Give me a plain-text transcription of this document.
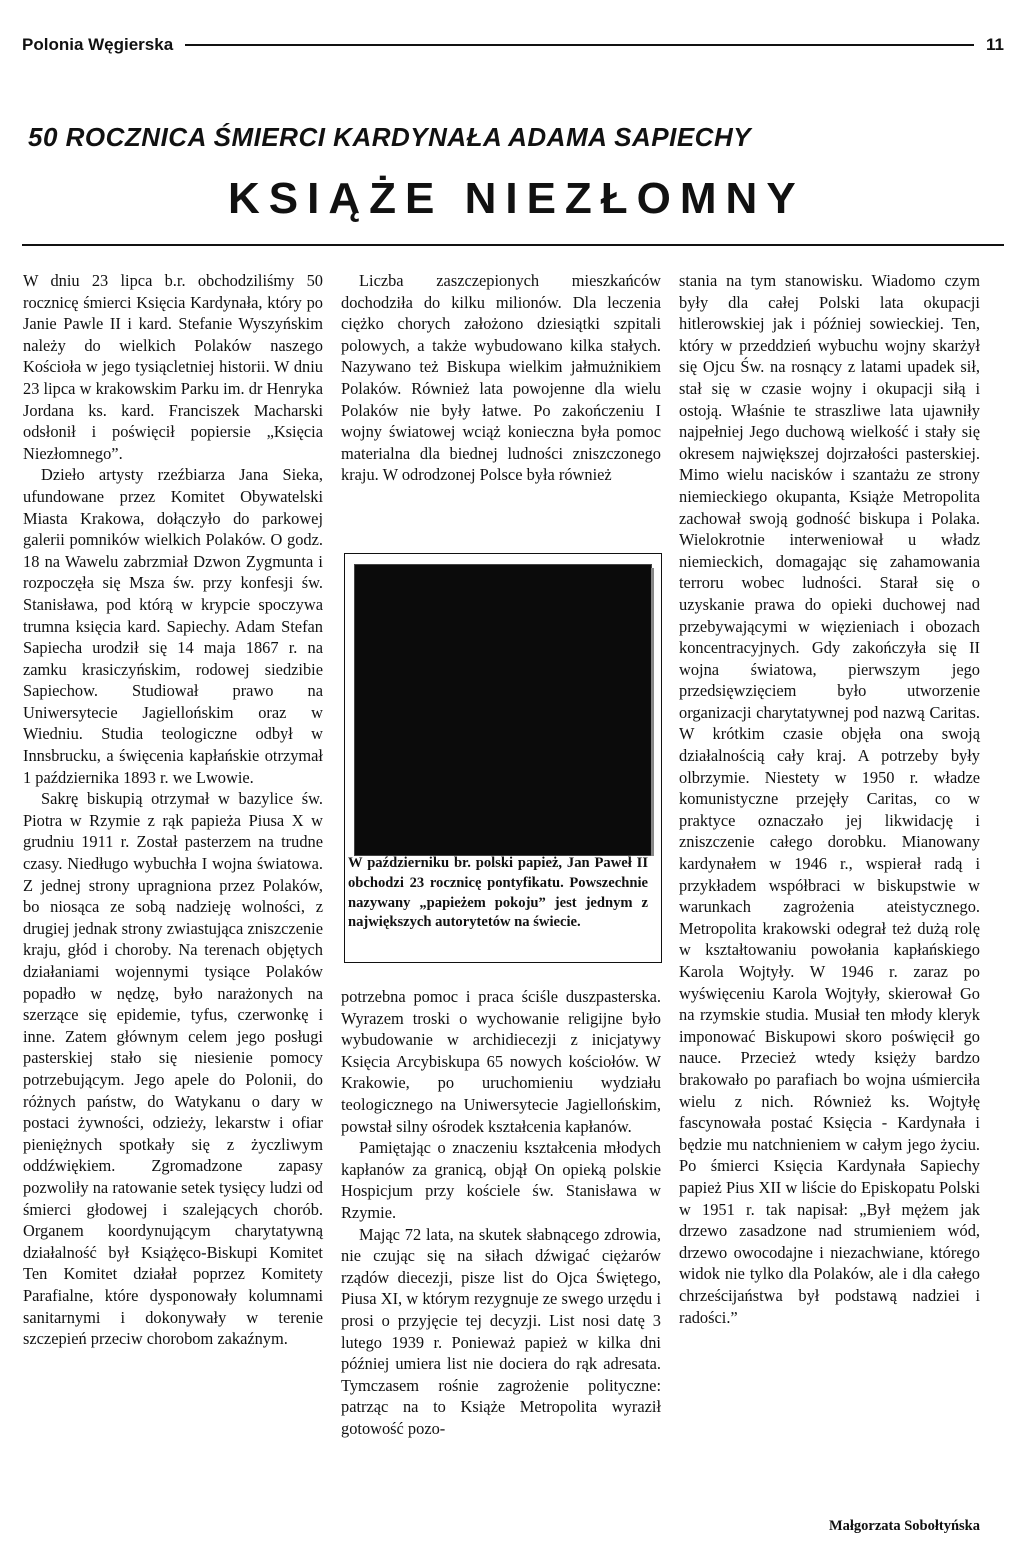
Polonia Węgierska	11
50 ROCZNICA ŚMIERCI KARDYNAŁA ADAMA SAPIECHY
KSIĄŻE NIEZŁOMNY

W dniu 23 lipca b.r. obchodziliśmy 50 rocznicę śmierci Księcia Kardynała, który po Janie Pawle II i kard. Stefanie Wyszyńskim należy do wielkich Polaków naszego Kościoła w jego tysiącletniej historii. W dniu 23 lipca w krakowskim Parku im. dr Henryka Jordana ks. kard. Franciszek Macharski odsłonił i poświęcił popiersie „Księcia Niezłomnego”.

Dzieło artysty rzeźbiarza Jana Sieka, ufundowane przez Komitet Obywatelski Miasta Krakowa, dołączyło do parkowej galerii pomników wielkich Polaków. O godz. 18 na Wawelu zabrzmiał Dzwon Zygmunta i rozpoczęła się Msza św. przy konfesji św. Stanisława, pod którą w krypcie spoczywa trumna księcia kard. Sapiechy. Adam Stefan Sapiecha urodził się 14 maja 1867 r. na zamku krasiczyńskim, rodowej siedzibie Sapiechow. Studiował prawo na Uniwersytecie Jagiellońskim oraz w Wiedniu. Studia teologiczne odbył w Innsbrucku, a święcenia kapłańskie otrzymał 1 października 1893 r. we Lwowie.

Sakrę biskupią otrzymał w bazylice św. Piotra w Rzymie z rąk papieża Piusa X w grudniu 1911 r. Został pasterzem na trudne czasy. Niedługo wybuchła I wojna światowa. Z jednej strony upragniona przez Polaków, bo niosąca ze sobą nadzieję wolności, z drugiej jednak strony zwiastująca zniszczenie kraju, głód i choroby. Na terenach objętych działaniami wojennymi tysiące Polaków popadło w nędzę, było narażonych na szerzące się epidemie, tyfus, czerwonkę i inne. Zatem głównym celem jego posługi pasterskiej stało się niesienie pomocy potrzebującym. Jego apele do Polonii, do różnych państw, do Watykanu o dary w postaci żywności, odzieży, lekarstw i ofiar pieniężnych spotkały się z życzliwym oddźwiękiem. Zgromadzone zapasy pozwoliły na ratowanie setek tysięcy ludzi od śmierci głodowej i szalejących chorób. Organem koordynującym charytatywną działalność był Książęco-Biskupi Komitet Ten Komitet działał poprzez Komitety Parafialne, które dysponowały kolumnami sanitarnymi i dokonywały w terenie szczepień przeciw chorobom zakaźnym.

Liczba zaszczepionych mieszkańców dochodziła do kilku milionów. Dla leczenia ciężko chorych założono dziesiątki szpitali polowych, a także wybudowano kilka stałych. Nazywano też Biskupa wielkim jałmużnikiem Polaków. Również lata powojenne dla wielu Polaków nie były łatwe. Po zakończeniu I wojny światowej wciąż konieczna była pomoc materialna dla biednej ludności zniszczonego kraju. W odrodzonej Polsce była również

W październiku br. polski papież, Jan Paweł II obchodzi 23 rocznicę pontyfikatu. Powszechnie nazywany „papieżem pokoju” jest jednym z największych autorytetów na świecie.

potrzebna pomoc i praca ściśle duszpasterska. Wyrazem troski o wychowanie religijne było wybudowanie w archidiecezji z inicjatywy Księcia Arcybiskupa 65 nowych kościołów. W Krakowie, po uruchomieniu wydziału teologicznego na Uniwersytecie Jagiellońskim, powstał silny ośrodek kształcenia kapłanów.

Pamiętając o znaczeniu kształcenia młodych kapłanów za granicą, objął On opieką polskie Hospicjum przy kościele św. Stanisława w Rzymie.

Mając 72 lata, na skutek słabnącego zdrowia, nie czując się na siłach dźwigać ciężarów rządów diecezji, pisze list do Ojca Świętego, Piusa XI, w którym rezygnuje ze swego urzędu i prosi o przyjęcie tej decyzji. List nosi datę 3 lutego 1939 r. Ponieważ papież w kilka dni później umiera list nie dociera do rąk adresata. Tymczasem rośnie zagrożenie polityczne: patrząc na to Książe Metropolita wyraził gotowość pozo-

stania na tym stanowisku. Wiadomo czym były dla całej Polski lata okupacji hitlerowskiej jak i później sowieckiej. Ten, który w przeddzień wybuchu wojny skarżył się Ojcu Św. na rosnący z latami upadek sił, stał się w czasie wojny i okupacji siłą i ostoją. Właśnie te straszliwe lata ujawniły najpełniej Jego duchową wielkość i stały się okresem największej dojrzałości pasterskiej. Mimo wielu nacisków i szantażu ze strony niemieckiego okupanta, Książe Metropolita zachował swoją godność biskupa i Polaka. Wielokrotnie interweniował u władz niemieckich, domagając się zahamowania terroru wobec ludności. Starał się o uzyskanie prawa do opieki duchowej nad przebywającymi w więzieniach i obozach koncentracyjnych. Gdy zakończyła się II wojna światowa, pierwszym jego przedsięwzięciem było utworzenie organizacji charytatywnej pod nazwą Caritas. W krótkim czasie objęła ona swoją działalnością cały kraj. A potrzeby były olbrzymie. Niestety w 1950 r. władze komunistyczne przejęły Caritas, co w praktyce oznaczało jej likwidację i zniszczenie całego dorobku. Mianowany kardynałem w 1946 r., wspierał radą i przykładem współbraci w biskupstwie w warunkach zagrożenia ateistycznego. Metropolita krakowski odegrał też dużą rolę w kształtowaniu powołania kapłańskiego Karola Wojtyły. W 1946 r. zaraz po wyświęceniu Karola Wojtyły, skierował Go na rzymskie studia. Musiał ten młody kleryk imponować Biskupowi skoro poświęcił go nauce. Przecież wtedy księży bardzo brakowało po parafiach bo wojna uśmierciła wielu z nich. Również ks. Wojtyłę fascynowała postać Księcia - Kardynała i będzie mu natchnieniem w całym jego życiu. Po śmierci Księcia Kardynała Sapiechy papież Pius XII w liście do Episkopatu Polski w 1951 r. tak napisał: „Był mężem jak drzewo zasadzone nad strumieniem wód, drzewo owocodajne i niezachwiane, którego widok nie tylko dla Polaków, ale i dla całego chrześcijaństwa był podstawą nadziei i radości.”

Małgorzata Sobołtyńska
